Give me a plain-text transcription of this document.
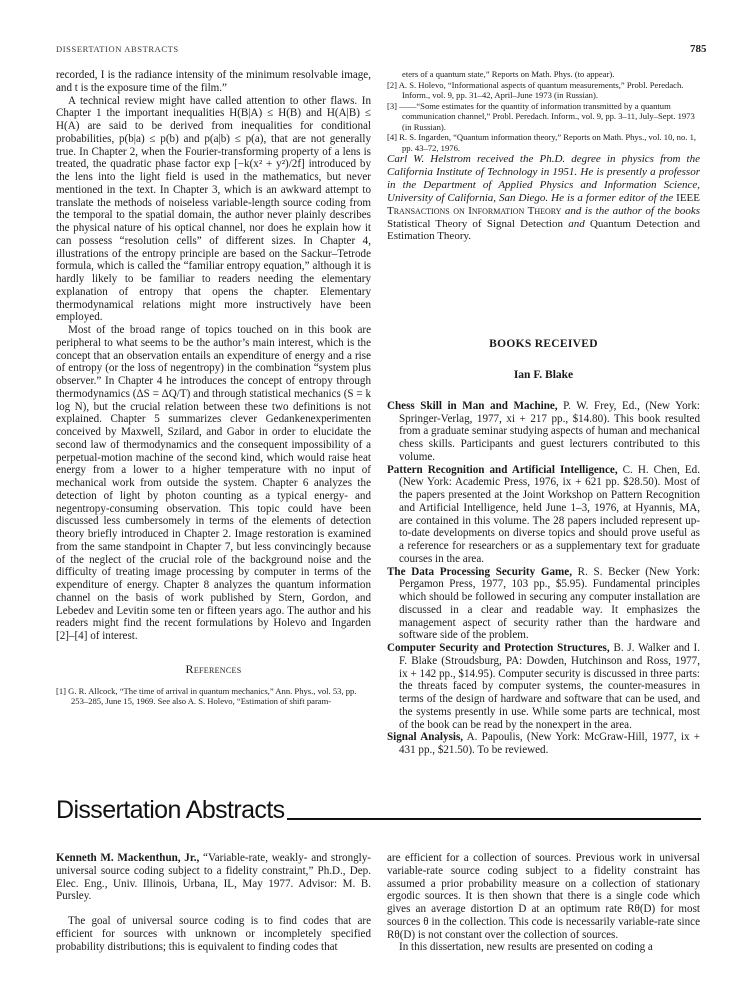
DISSERTATION ABSTRACTS	785

recorded, I is the radiance intensity of the minimum resolvable image, and t is the exposure time of the film.”

A technical review might have called attention to other flaws. In Chapter 1 the important inequalities H(B|A) ≤ H(B) and H(A|B) ≤ H(A) are said to be derived from inequalities for conditional probabilities, p(b|a) ≤ p(b) and p(a|b) ≤ p(a), that are not generally true. In Chapter 2, when the Fourier-transforming property of a lens is treated, the quadratic phase factor exp [−k(x² + y²)/2f] introduced by the lens into the light field is used in the mathematics, but never mentioned in the text. In Chapter 3, which is an awkward attempt to translate the methods of noiseless variable-length source coding from the temporal to the spatial domain, the author never plainly describes the physical nature of his optical channel, nor does he explain how it can possess “resolution cells” of different sizes. In Chapter 4, illustrations of the entropy principle are based on the Sackur–Tetrode formula, which is called the “familiar entropy equation,” although it is hardly likely to be familiar to readers needing the elementary explanation of entropy that opens the chapter. Elementary thermodynamical relations might more instructively have been employed.

Most of the broad range of topics touched on in this book are peripheral to what seems to be the author’s main interest, which is the concept that an observation entails an expenditure of energy and a rise of entropy (or the loss of negentropy) in the combination “system plus observer.” In Chapter 4 he introduces the concept of entropy through thermodynamics (ΔS = ΔQ/T) and through statistical mechanics (S = k log N), but the crucial relation between these two definitions is not explained. Chapter 5 summarizes clever Gedankenexperimenten conceived by Maxwell, Szilard, and Gabor in order to elucidate the second law of thermodynamics and the consequent impossibility of a perpetual-motion machine of the second kind, which would raise heat energy from a lower to a higher temperature with no input of mechanical work from outside the system. Chapter 6 analyzes the detection of light by photon counting as a typical energy- and negentropy-consuming observation. This topic could have been discussed less cumbersomely in terms of the elements of detection theory briefly introduced in Chapter 2. Image restoration is examined from the same standpoint in Chapter 7, but less convincingly because of the neglect of the crucial role of the background noise and the difficulty of treating image processing by computer in terms of the expenditure of energy. Chapter 8 analyzes the quantum information channel on the basis of work published by Stern, Gordon, and Lebedev and Levitin some ten or fifteen years ago. The author and his readers might find the recent formulations by Holevo and Ingarden [2]–[4] of interest.

References

[1] G. R. Allcock, “The time of arrival in quantum mechanics,” Ann. Phys., vol. 53, pp. 253–285, June 15, 1969. See also A. S. Holevo, “Estimation of shift param-

eters of a quantum state,” Reports on Math. Phys. (to appear).

[2] A. S. Holevo, “Informational aspects of quantum measurements,” Probl. Peredach. Inform., vol. 9, pp. 31–42, April–June 1973 (in Russian).

[3] ——“Some estimates for the quantity of information transmitted by a quantum communication channel,” Probl. Peredach. Inform., vol. 9, pp. 3–11, July–Sept. 1973 (in Russian).

[4] R. S. Ingarden, “Quantum information theory,” Reports on Math. Phys., vol. 10, no. 1, pp. 43–72, 1976.

Carl W. Helstrom received the Ph.D. degree in physics from the California Institute of Technology in 1951. He is presently a professor in the Department of Applied Physics and Information Science, University of California, San Diego. He is a former editor of the IEEE Transactions on Information Theory and is the author of the books Statistical Theory of Signal Detection and Quantum Detection and Estimation Theory.

BOOKS RECEIVED
Ian F. Blake

Chess Skill in Man and Machine, P. W. Frey, Ed., (New York: Springer-Verlag, 1977, xi + 217 pp., $14.80). This book resulted from a graduate seminar studying aspects of human and mechanical chess skills. Participants and guest lecturers contributed to this volume.

Pattern Recognition and Artificial Intelligence, C. H. Chen, Ed. (New York: Academic Press, 1976, ix + 621 pp. $28.50). Most of the papers presented at the Joint Workshop on Pattern Recognition and Artificial Intelligence, held June 1–3, 1976, at Hyannis, MA, are contained in this volume. The 28 papers included represent up-to-date developments on diverse topics and should prove useful as a reference for researchers or as a supplementary text for graduate courses in the area.

The Data Processing Security Game, R. S. Becker (New York: Pergamon Press, 1977, 103 pp., $5.95). Fundamental principles which should be followed in securing any computer installation are discussed in a clear and readable way. It emphasizes the management aspect of security rather than the hardware and software side of the problem.

Computer Security and Protection Structures, B. J. Walker and I. F. Blake (Stroudsburg, PA: Dowden, Hutchinson and Ross, 1977, ix + 142 pp., $14.95). Computer security is discussed in three parts: the threats faced by computer systems, the counter-measures in terms of the design of hardware and software that can be used, and the systems presently in use. While some parts are technical, most of the book can be read by the nonexpert in the area.

Signal Analysis, A. Papoulis, (New York: McGraw-Hill, 1977, ix + 431 pp., $21.50). To be reviewed.

Dissertation Abstracts

Kenneth M. Mackenthun, Jr., “Variable-rate, weakly- and strongly-universal source coding subject to a fidelity constraint,” Ph.D., Dep. Elec. Eng., Univ. Illinois, Urbana, IL, May 1977. Advisor: M. B. Pursley.

The goal of universal source coding is to find codes that are efficient for sources with unknown or incompletely specified probability distributions; this is equivalent to finding codes that

are efficient for a collection of sources. Previous work in universal variable-rate source coding subject to a fidelity constraint has assumed a prior probability measure on a collection of stationary ergodic sources. It is then shown that there is a single code which gives an average distortion D at an optimum rate Rθ(D) for most sources θ in the collection. This code is necessarily variable-rate since Rθ(D) is not constant over the collection of sources.

In this dissertation, new results are presented on coding a
